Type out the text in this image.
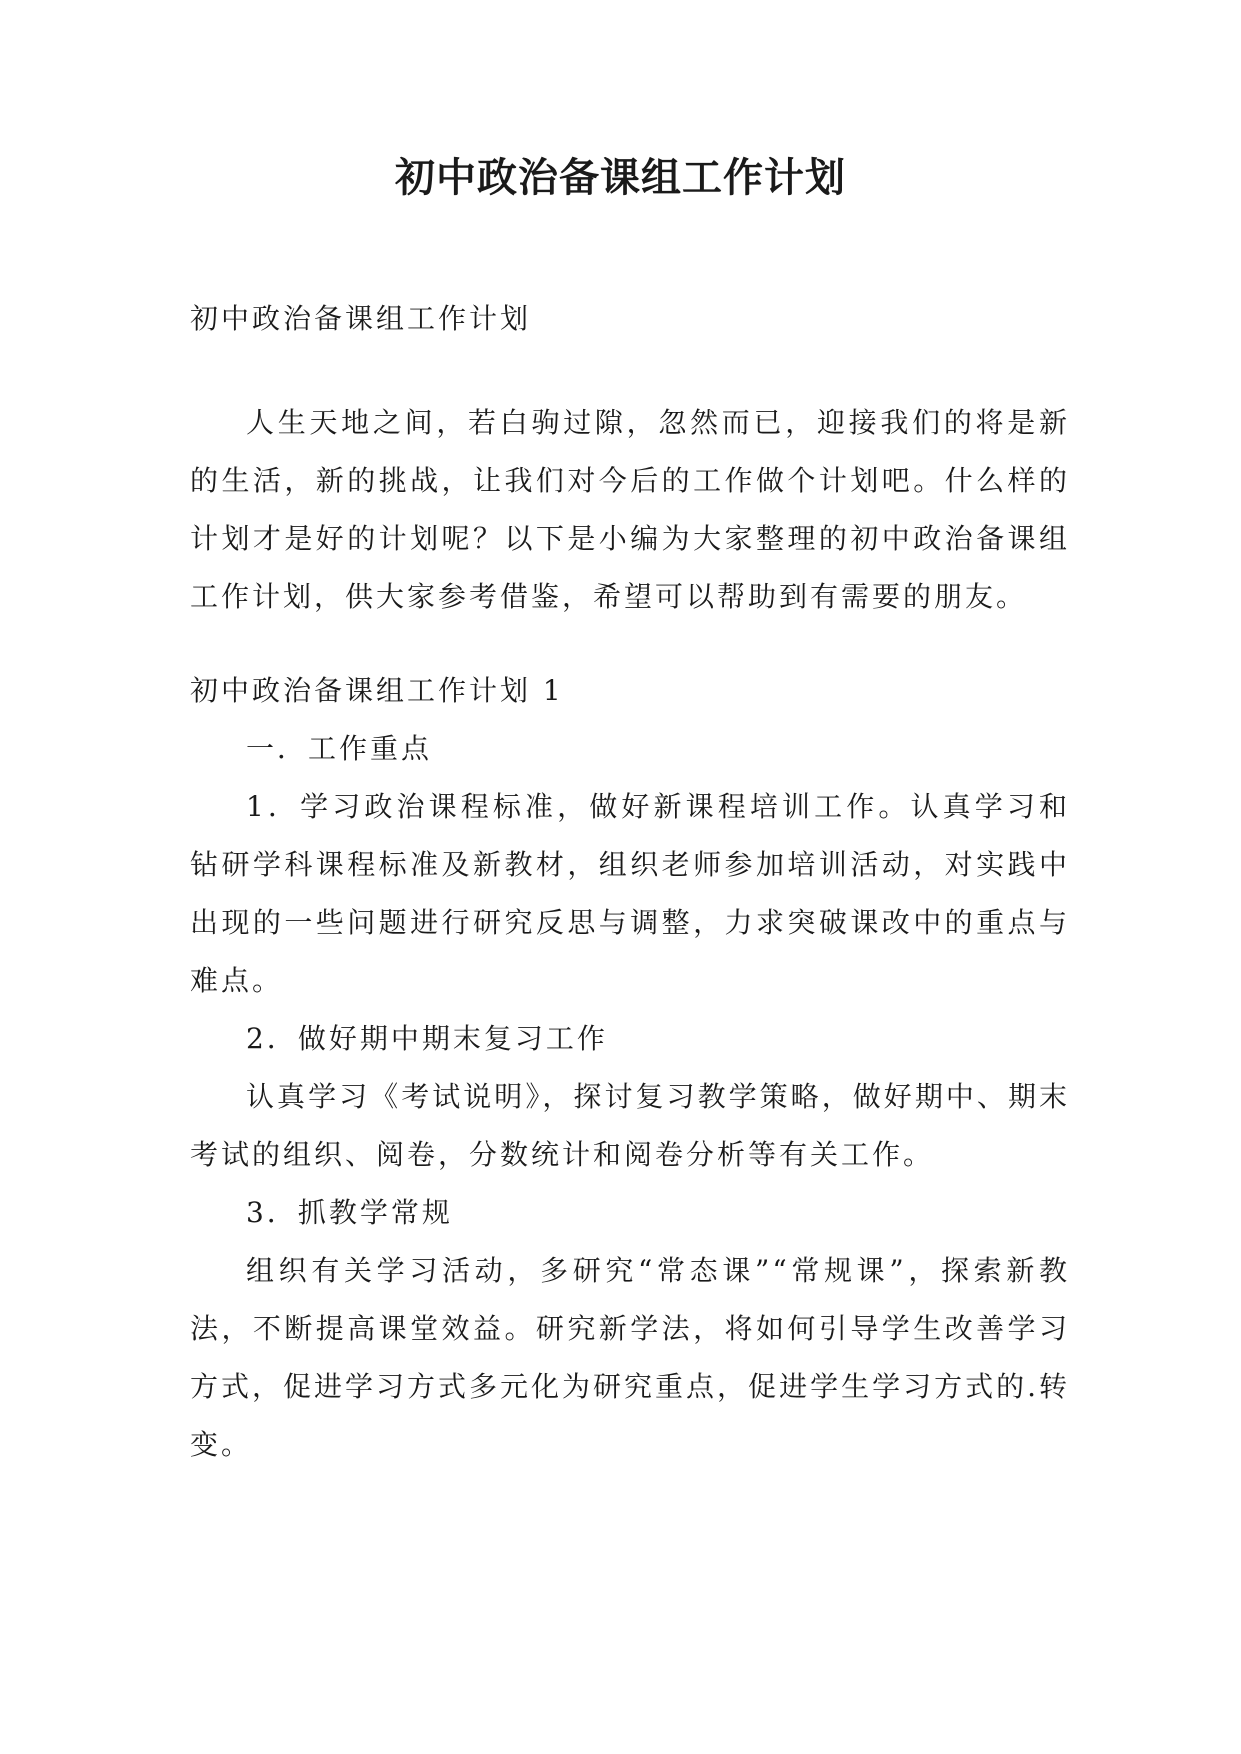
初中政治备课组工作计划

初中政治备课组工作计划

人生天地之间，若白驹过隙，忽然而已，迎接我们的将是新的生活，新的挑战，让我们对今后的工作做个计划吧。什么样的计划才是好的计划呢？以下是小编为大家整理的初中政治备课组工作计划，供大家参考借鉴，希望可以帮助到有需要的朋友。

初中政治备课组工作计划 1

一．工作重点

1．学习政治课程标准，做好新课程培训工作。认真学习和钻研学科课程标准及新教材，组织老师参加培训活动，对实践中出现的一些问题进行研究反思与调整，力求突破课改中的重点与难点。

2．做好期中期末复习工作

认真学习《考试说明》，探讨复习教学策略，做好期中、期末考试的组织、阅卷，分数统计和阅卷分析等有关工作。

3．抓教学常规

组织有关学习活动，多研究“常态课”“常规课”，探索新教法，不断提高课堂效益。研究新学法，将如何引导学生改善学习方式，促进学习方式多元化为研究重点，促进学生学习方式的.转变。
